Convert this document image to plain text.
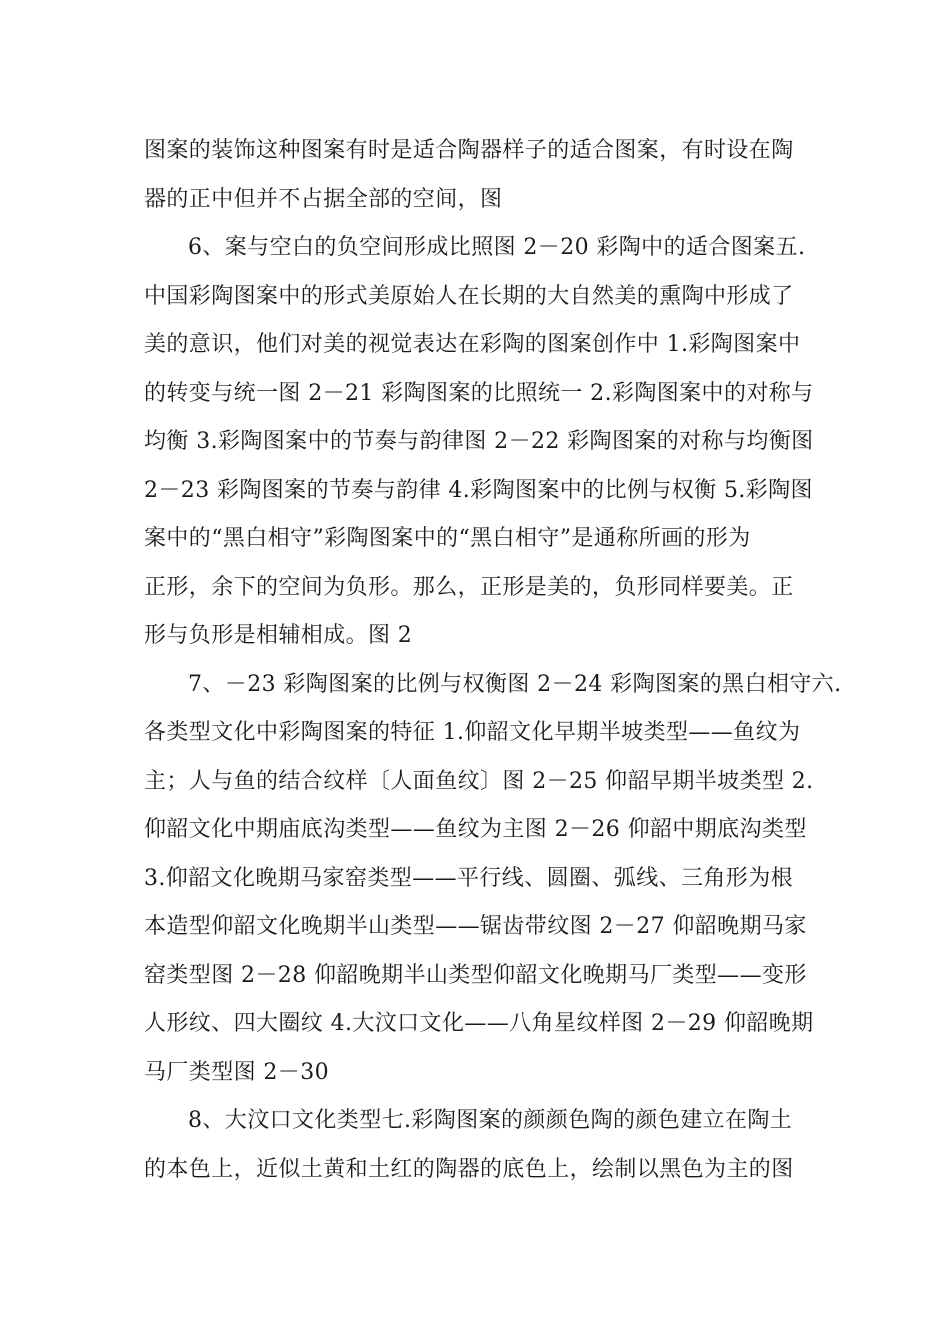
图案的装饰这种图案有时是适合陶器样子的适合图案，有时设在陶
器的正中但并不占据全部的空间，图

6、案与空白的负空间形成比照图 2－20 彩陶中的适合图案五.
中国彩陶图案中的形式美原始人在长期的大自然美的熏陶中形成了
美的意识，他们对美的视觉表达在彩陶的图案创作中 1.彩陶图案中
的转变与统一图 2－21 彩陶图案的比照统一 2.彩陶图案中的对称与
均衡 3.彩陶图案中的节奏与韵律图 2－22 彩陶图案的对称与均衡图
2－23 彩陶图案的节奏与韵律 4.彩陶图案中的比例与权衡 5.彩陶图
案中的“黑白相守”彩陶图案中的“黑白相守”是通称所画的形为
正形，余下的空间为负形。那么，正形是美的，负形同样要美。正
形与负形是相辅相成。图 2

7、－23 彩陶图案的比例与权衡图 2－24 彩陶图案的黑白相守六.
各类型文化中彩陶图案的特征 1.仰韶文化早期半坡类型——鱼纹为
主；人与鱼的结合纹样〔人面鱼纹〕图 2－25 仰韶早期半坡类型 2.
仰韶文化中期庙底沟类型——鱼纹为主图 2－26 仰韶中期底沟类型
3.仰韶文化晚期马家窑类型——平行线、圆圈、弧线、三角形为根
本造型仰韶文化晚期半山类型——锯齿带纹图 2－27 仰韶晚期马家
窑类型图 2－28 仰韶晚期半山类型仰韶文化晚期马厂类型——变形
人形纹、四大圈纹 4.大汶口文化——八角星纹样图 2－29 仰韶晚期
马厂类型图 2－30

8、大汶口文化类型七.彩陶图案的颜颜色陶的颜色建立在陶土
的本色上，近似土黄和土红的陶器的底色上，绘制以黑色为主的图
